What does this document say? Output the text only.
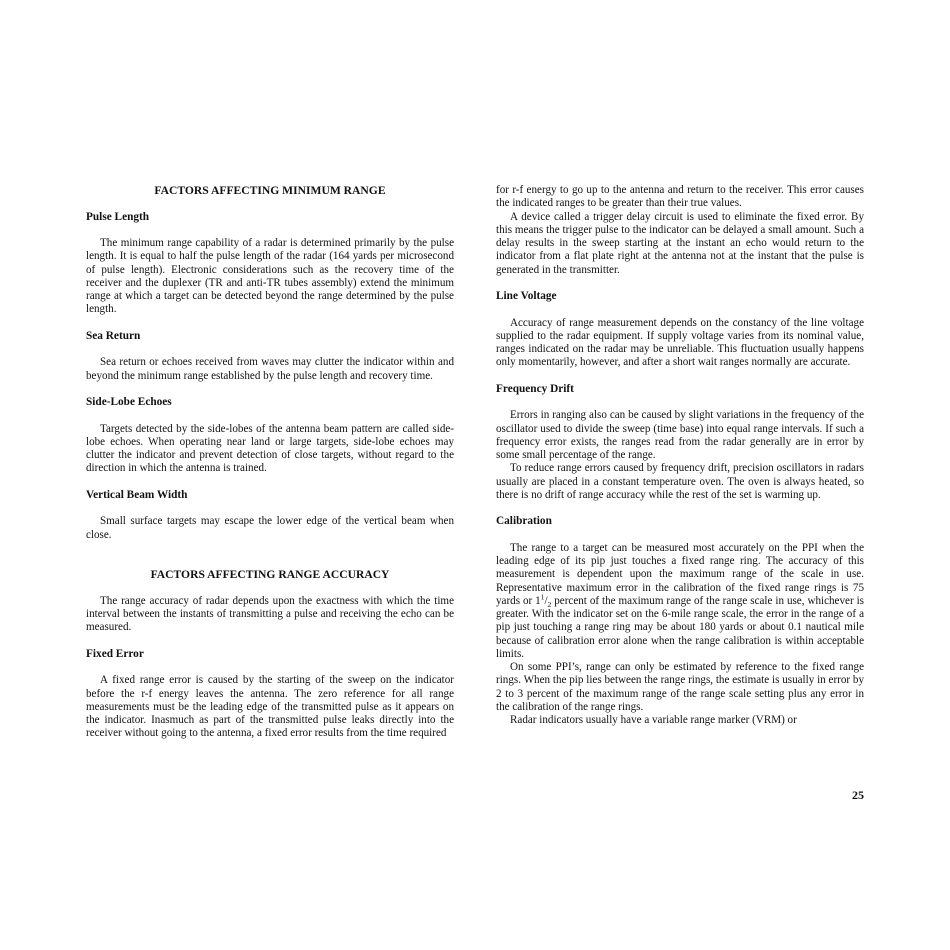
FACTORS AFFECTING MINIMUM RANGE
Pulse Length

The minimum range capability of a radar is determined primarily by the pulse length. It is equal to half the pulse length of the radar (164 yards per microsecond of pulse length). Electronic considerations such as the recovery time of the receiver and the duplexer (TR and anti-TR tubes assembly) extend the minimum range at which a target can be detected beyond the range determined by the pulse length.

Sea Return

Sea return or echoes received from waves may clutter the indicator within and beyond the minimum range established by the pulse length and recovery time.

Side-Lobe Echoes

Targets detected by the side-lobes of the antenna beam pattern are called side-lobe echoes. When operating near land or large targets, side-lobe echoes may clutter the indicator and prevent detection of close targets, without regard to the direction in which the antenna is trained.

Vertical Beam Width

Small surface targets may escape the lower edge of the vertical beam when close.

FACTORS AFFECTING RANGE ACCURACY

The range accuracy of radar depends upon the exactness with which the time interval between the instants of transmitting a pulse and receiving the echo can be measured.

Fixed Error

A fixed range error is caused by the starting of the sweep on the indicator before the r-f energy leaves the antenna. The zero reference for all range measurements must be the leading edge of the transmitted pulse as it appears on the indicator. Inasmuch as part of the transmitted pulse leaks directly into the receiver without going to the antenna, a fixed error results from the time required

for r-f energy to go up to the antenna and return to the receiver. This error causes the indicated ranges to be greater than their true values.

A device called a trigger delay circuit is used to eliminate the fixed error. By this means the trigger pulse to the indicator can be delayed a small amount. Such a delay results in the sweep starting at the instant an echo would return to the indicator from a flat plate right at the antenna not at the instant that the pulse is generated in the transmitter.

Line Voltage

Accuracy of range measurement depends on the constancy of the line voltage supplied to the radar equipment. If supply voltage varies from its nominal value, ranges indicated on the radar may be unreliable. This fluctuation usually happens only momentarily, however, and after a short wait ranges normally are accurate.

Frequency Drift

Errors in ranging also can be caused by slight variations in the frequency of the oscillator used to divide the sweep (time base) into equal range intervals. If such a frequency error exists, the ranges read from the radar generally are in error by some small percentage of the range.

To reduce range errors caused by frequency drift, precision oscillators in radars usually are placed in a constant temperature oven. The oven is always heated, so there is no drift of range accuracy while the rest of the set is warming up.

Calibration

The range to a target can be measured most accurately on the PPI when the leading edge of its pip just touches a fixed range ring. The accuracy of this measurement is dependent upon the maximum range of the scale in use. Representative maximum error in the calibration of the fixed range rings is 75 yards or $1^1/_2$ percent of the maximum range of the range scale in use, whichever is greater. With the indicator set on the 6-mile range scale, the error in the range of a pip just touching a range ring may be about 180 yards or about 0.1 nautical mile because of calibration error alone when the range calibration is within acceptable limits.

On some PPI’s, range can only be estimated by reference to the fixed range rings. When the pip lies between the range rings, the estimate is usually in error by 2 to 3 percent of the maximum range of the range scale setting plus any error in the calibration of the range rings.

Radar indicators usually have a variable range marker (VRM) or

25
